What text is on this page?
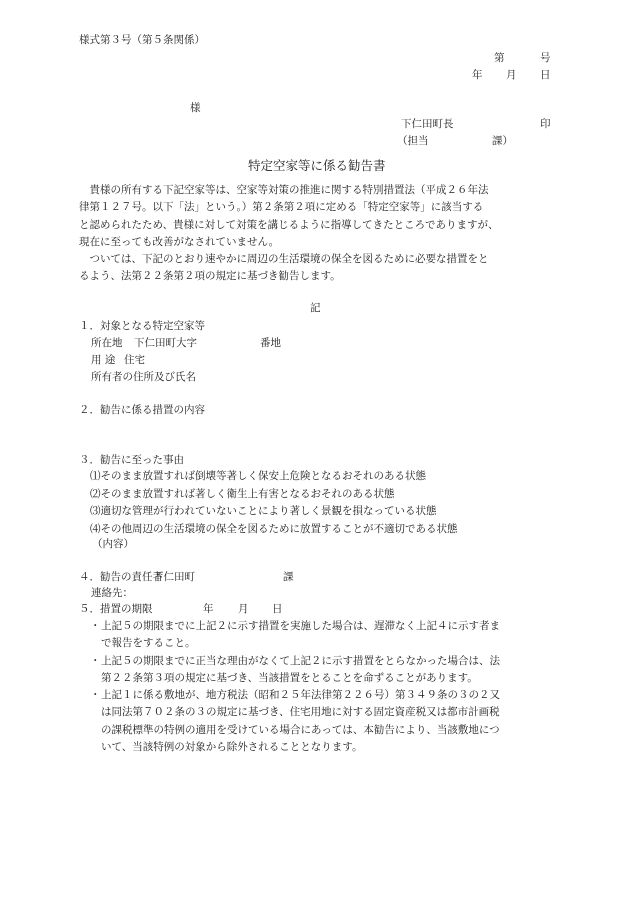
様式第３号（第５条関係）
第	号
年 月 日
様
下仁田町長	印
（担当	課）
特定空家等に係る勧告書
　貴様の所有する下記空家等は、空家等対策の推進に関する特別措置法（平成２６年法
律第１２７号。以下「法」という。）第２条第２項に定める「特定空家等」に該当する
と認められたため、貴様に対して対策を講じるように指導してきたところでありますが、
現在に至っても改善がなされていません。
　ついては、下記のとおり速やかに周辺の生活環境の保全を図るために必要な措置をと
るよう、法第２２条第２項の規定に基づき勧告します。
記
１．対象となる特定空家等
所在地 下仁田町大字	番地
用 途 住宅
所有者の住所及び氏名
２．勧告に係る措置の内容
３．勧告に至った事由
⑴そのまま放置すれば倒壊等著しく保安上危険となるおそれのある状態
⑵そのまま放置すれば著しく衛生上有害となるおそれのある状態
⑶適切な管理が行われていないことにより著しく景観を損なっている状態
⑷その他周辺の生活環境の保全を図るために放置することが不適切である状態
（内容）
４．勧告の責任者
下仁田町	課
連絡先：
５．措置の期限	年 月 日
・ 上記５の期限までに上記２に示す措置を実施した場合は、遅滞なく上記４に示す者ま
で報告をすること。
・ 上記５の期限までに正当な理由がなくて上記２に示す措置をとらなかった場合は、法
第２２条第３項の規定に基づき、当該措置をとることを命ずることがあります。
・ 上記１に係る敷地が、地方税法（昭和２５年法律第２２６号）第３４９条の３の２又
は同法第７０２条の３の規定に基づき、住宅用地に対する固定資産税又は都市計画税
の課税標準の特例の適用を受けている場合にあっては、本勧告により、当該敷地につ
いて、当該特例の対象から除外されることとなります。
